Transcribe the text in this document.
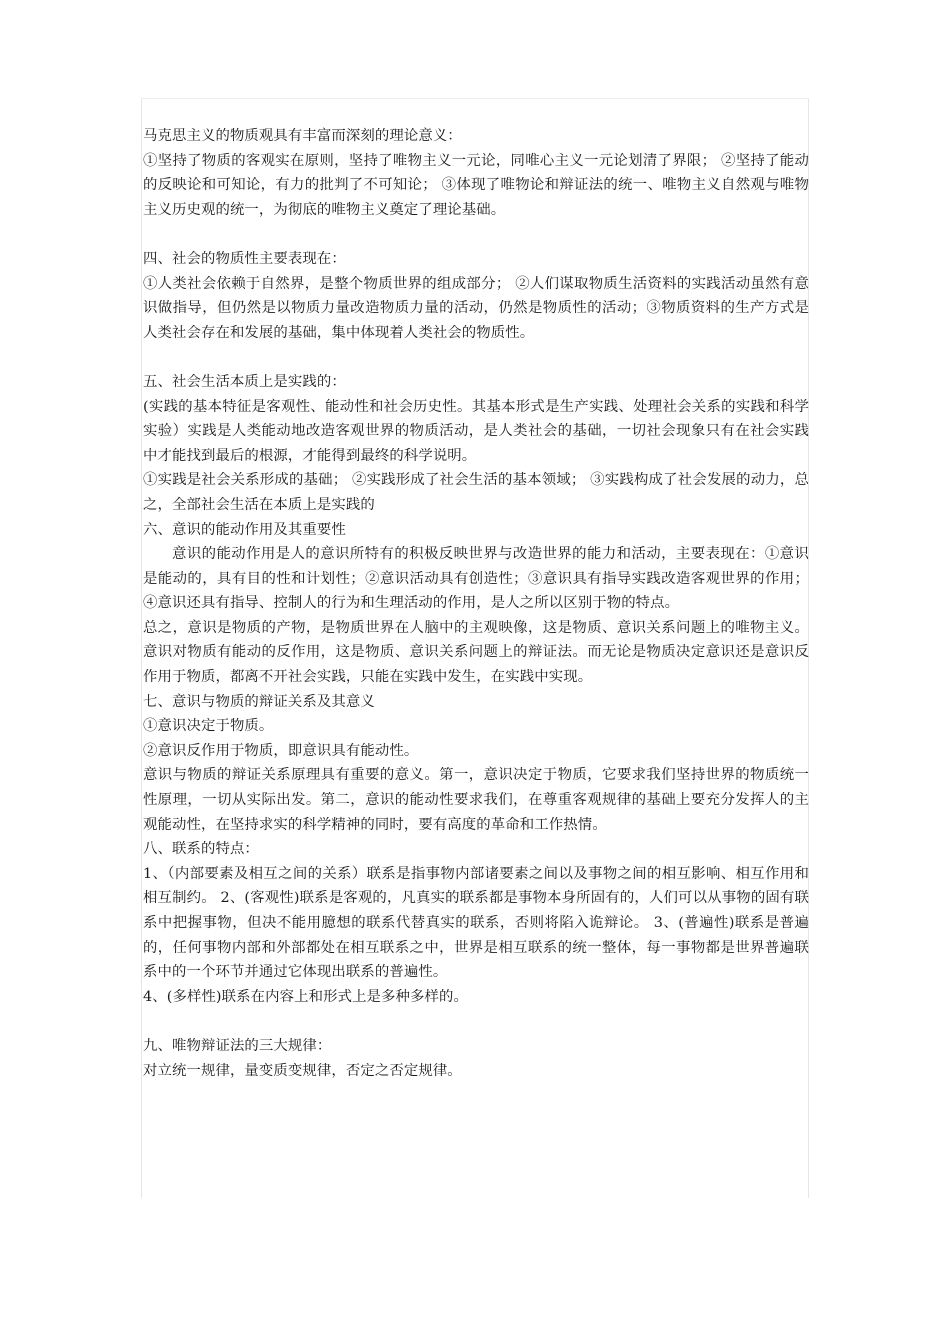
马克思主义的物质观具有丰富而深刻的理论意义：

①坚持了物质的客观实在原则，坚持了唯物主义一元论，同唯心主义一元论划清了界限； ②坚持了能动的反映论和可知论，有力的批判了不可知论； ③体现了唯物论和辩证法的统一、唯物主义自然观与唯物主义历史观的统一，为彻底的唯物主义奠定了理论基础。

四、社会的物质性主要表现在：

①人类社会依赖于自然界，是整个物质世界的组成部分； ②人们谋取物质生活资料的实践活动虽然有意识做指导，但仍然是以物质力量改造物质力量的活动，仍然是物质性的活动；③物质资料的生产方式是人类社会存在和发展的基础，集中体现着人类社会的物质性。

五、社会生活本质上是实践的：

(实践的基本特征是客观性、能动性和社会历史性。其基本形式是生产实践、处理社会关系的实践和科学实验）实践是人类能动地改造客观世界的物质活动，是人类社会的基础，一切社会现象只有在社会实践中才能找到最后的根源，才能得到最终的科学说明。

①实践是社会关系形成的基础； ②实践形成了社会生活的基本领域； ③实践构成了社会发展的动力，总之，全部社会生活在本质上是实践的

六、意识的能动作用及其重要性

意识的能动作用是人的意识所特有的积极反映世界与改造世界的能力和活动，主要表现在：①意识是能动的，具有目的性和计划性；②意识活动具有创造性；③意识具有指导实践改造客观世界的作用；④意识还具有指导、控制人的行为和生理活动的作用，是人之所以区别于物的特点。

总之，意识是物质的产物，是物质世界在人脑中的主观映像，这是物质、意识关系问题上的唯物主义。意识对物质有能动的反作用，这是物质、意识关系问题上的辩证法。而无论是物质决定意识还是意识反作用于物质，都离不开社会实践，只能在实践中发生，在实践中实现。

七、意识与物质的辩证关系及其意义

①意识决定于物质。

②意识反作用于物质，即意识具有能动性。

意识与物质的辩证关系原理具有重要的意义。第一，意识决定于物质，它要求我们坚持世界的物质统一性原理，一切从实际出发。第二，意识的能动性要求我们，在尊重客观规律的基础上要充分发挥人的主观能动性，在坚持求实的科学精神的同时，要有高度的革命和工作热情。

八、联系的特点：

1、（内部要素及相互之间的关系）联系是指事物内部诸要素之间以及事物之间的相互影响、相互作用和相互制约。 2、(客观性)联系是客观的，凡真实的联系都是事物本身所固有的，人们可以从事物的固有联系中把握事物，但决不能用臆想的联系代替真实的联系，否则将陷入诡辩论。 3、(普遍性)联系是普遍的，任何事物内部和外部都处在相互联系之中，世界是相互联系的统一整体，每一事物都是世界普遍联系中的一个环节并通过它体现出联系的普遍性。

4、(多样性)联系在内容上和形式上是多种多样的。

九、唯物辩证法的三大规律：

对立统一规律，量变质变规律，否定之否定规律。
